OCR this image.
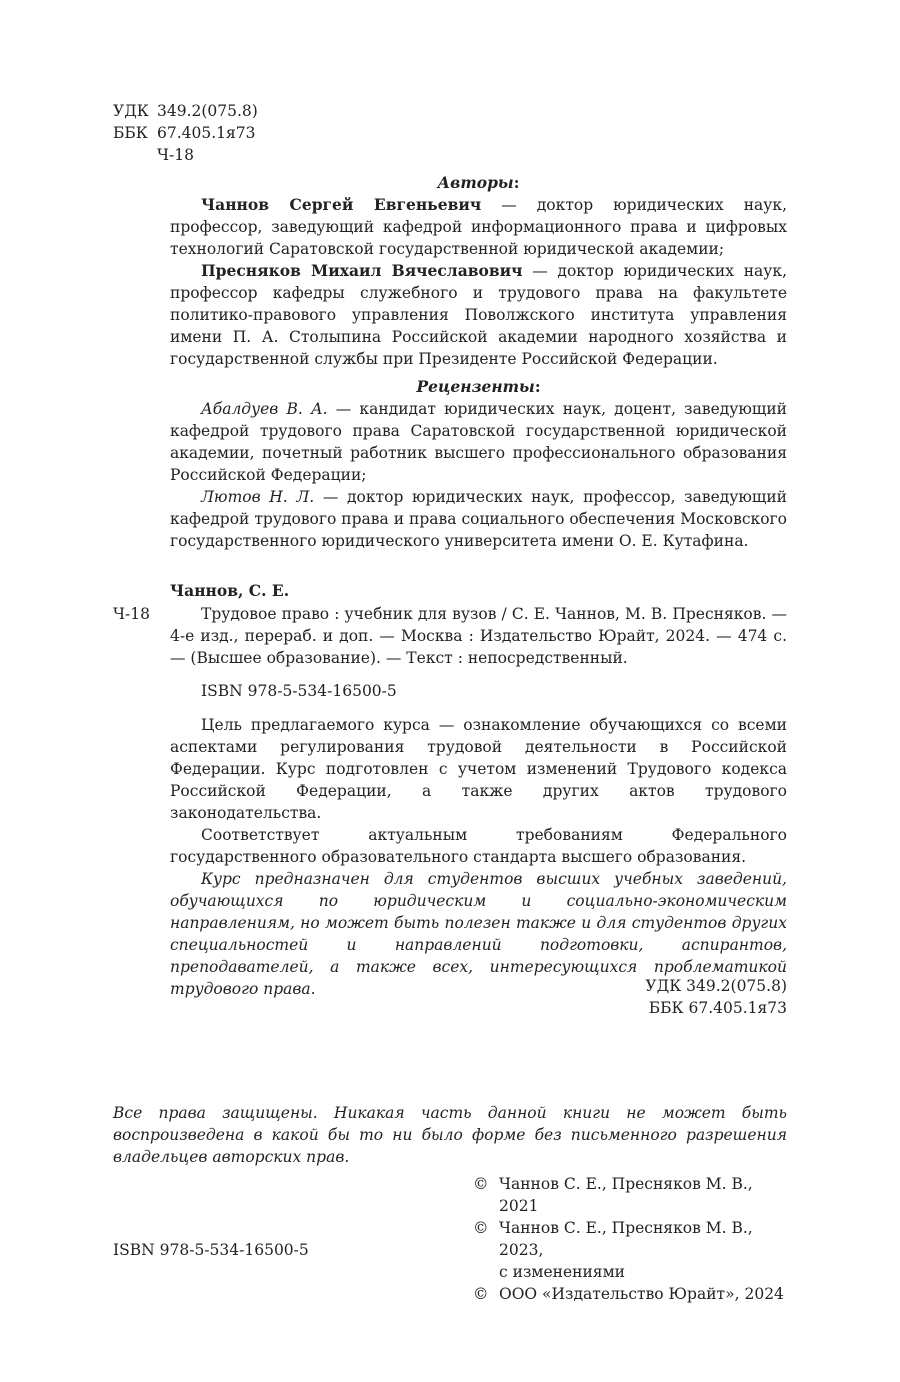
УДК 349.2(075.8)
ББК 67.405.1я73
Ч-18
Авторы:

Чаннов Сергей Евгеньевич — доктор юридических наук, профессор, заведующий кафедрой информационного права и цифровых технологий Саратовской государственной юридической академии;

Пресняков Михаил Вячеславович — доктор юридических наук, профессор кафедры служебного и трудового права на факультете политико-правового управления Поволжского института управления имени П. А. Столыпина Российской академии народного хозяйства и государственной службы при Президенте Российской Федерации.

Рецензенты:

Абалдуев В. А. — кандидат юридических наук, доцент, заведующий кафедрой трудового права Саратовской государственной юридической академии, почетный работник высшего профессионального образования Российской Федерации;

Лютов Н. Л. — доктор юридических наук, профессор, заведующий кафедрой трудового права и права социального обеспечения Московского государственного юридического университета имени О. Е. Кутафина.

Чаннов, С. Е.
Ч-18	Трудовое право : учебник для вузов / С. Е. Чаннов, М. В. Пресняков. — 4-е изд., перераб. и доп. — Москва : Издательство Юрайт, 2024. — 474 с. — (Высшее образование). — Текст : непосредственный.

ISBN 978-5-534-16500-5

Цель предлагаемого курса — ознакомление обучающихся со всеми аспектами регулирования трудовой деятельности в Российской Федерации. Курс подготовлен с учетом изменений Трудового кодекса Российской Федерации, а также других актов трудового законодательства.

Соответствует актуальным требованиям Федерального государственного образовательного стандарта высшего образования.

Курс предназначен для студентов высших учебных заведений, обучающихся по юридическим и социально-экономическим направлениям, но может быть полезен также и для студентов других специальностей и направлений подготовки, аспирантов, преподавателей, а также всех, интересующихся проблематикой трудового права.	УДК 349.2(075.8)
ББК 67.405.1я73
Все права защищены. Никакая часть данной книги не может быть воспроизведена в какой бы то ни было форме без письменного разрешения владельцев авторских прав.
© Чаннов С. Е., Пресняков М. В., 2021
© Чаннов С. Е., Пресняков М. В., 2023,
с изменениями
© ООО «Издательство Юрайт», 2024
ISBN 978-5-534-16500-5
